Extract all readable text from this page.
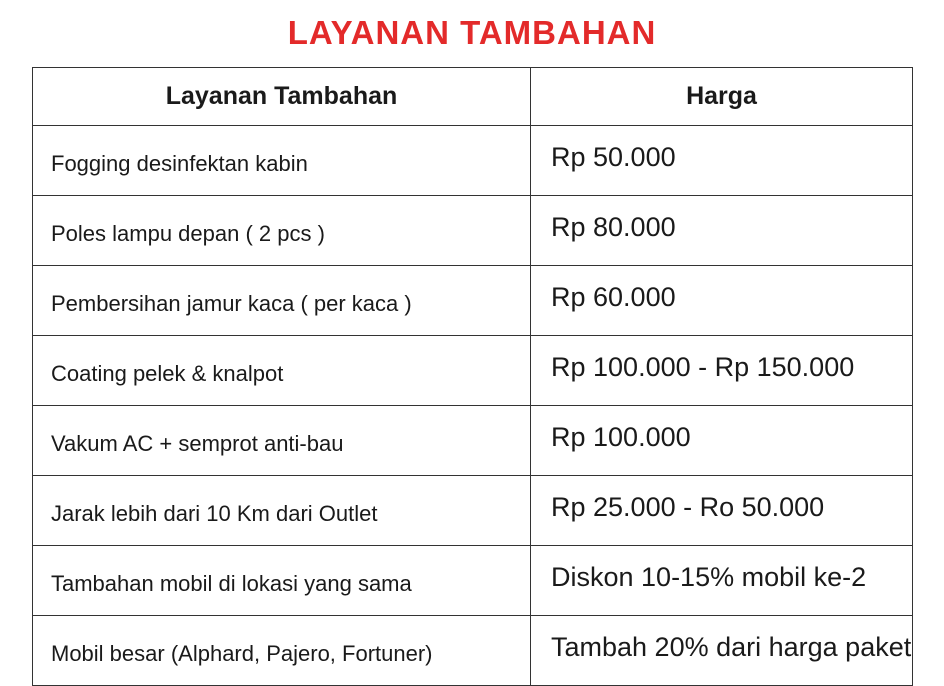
LAYANAN TAMBAHAN
Layanan Tambahan	Harga
Fogging desinfektan kabin	Rp 50.000
Poles lampu depan ( 2 pcs )	Rp 80.000
Pembersihan jamur kaca ( per kaca )	Rp 60.000
Coating pelek & knalpot	Rp 100.000 - Rp 150.000
Vakum AC + semprot anti-bau	Rp 100.000
Jarak lebih dari 10 Km dari Outlet	Rp 25.000 - Ro 50.000
Tambahan mobil di lokasi yang sama	Diskon 10-15% mobil ke-2
Mobil besar (Alphard, Pajero, Fortuner)	Tambah 20% dari harga paket
